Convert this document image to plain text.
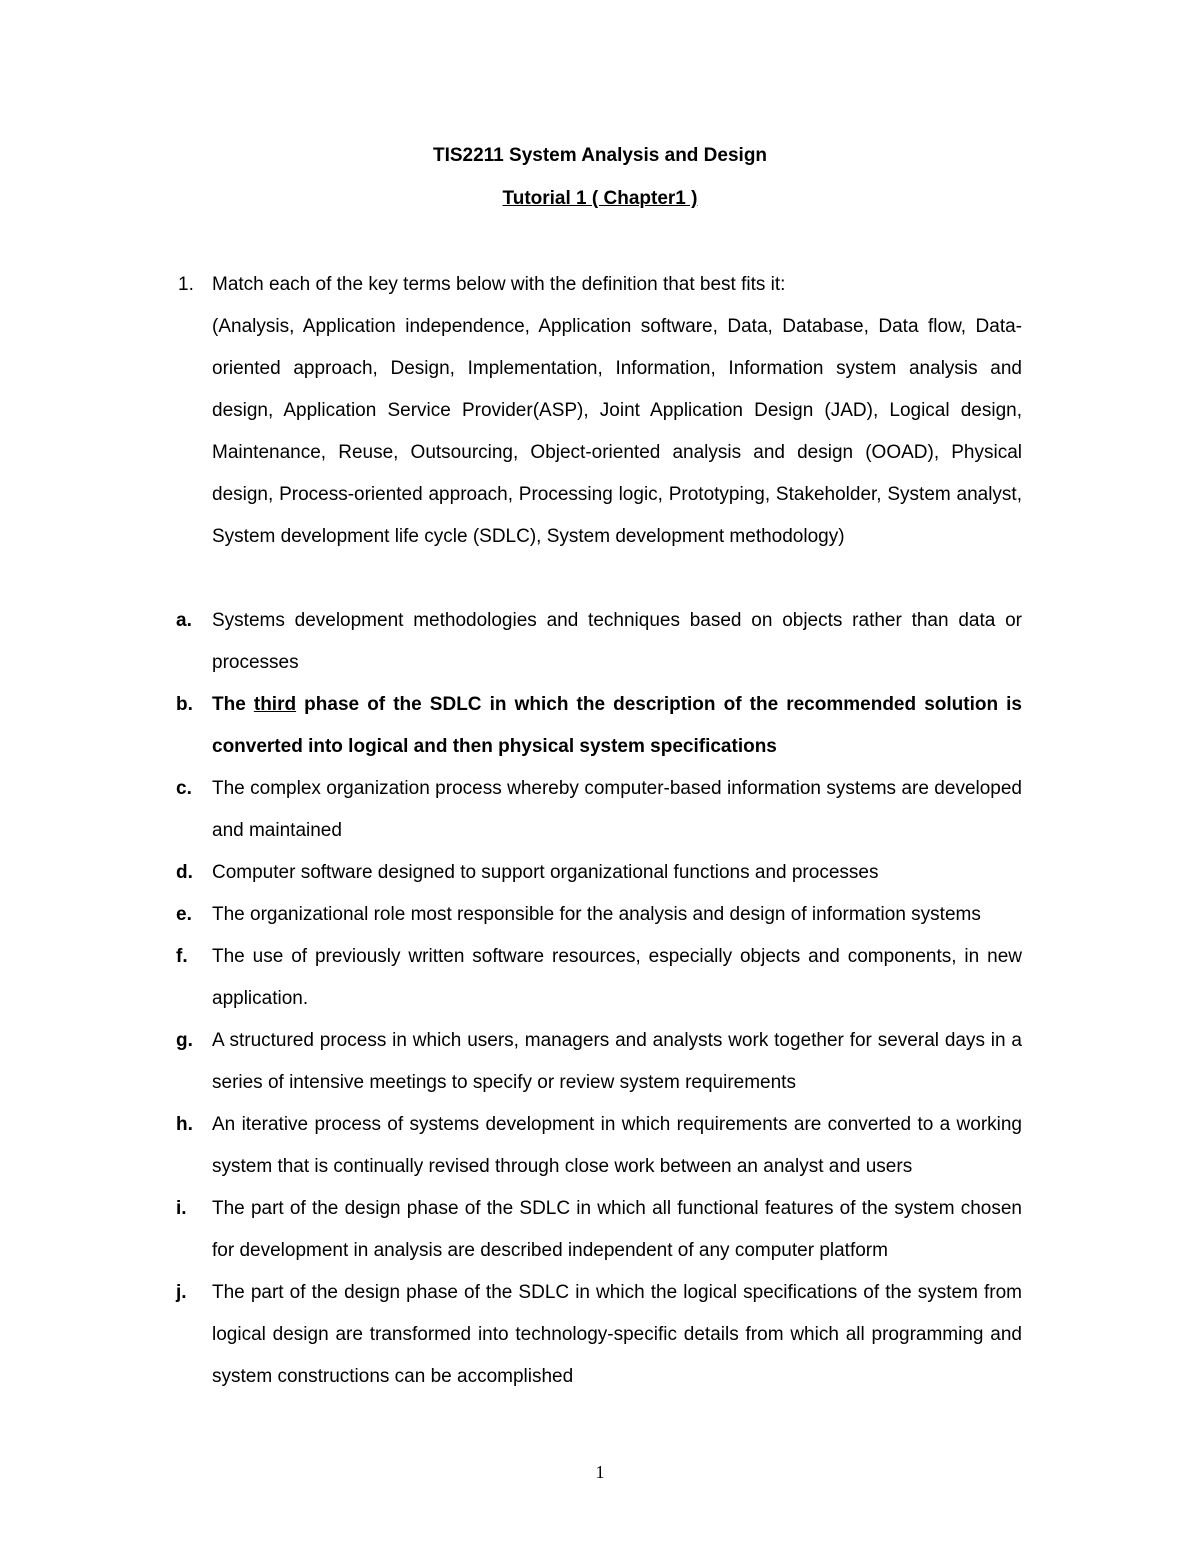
TIS2211 System Analysis and Design
Tutorial 1 ( Chapter1 )
1. Match each of the key terms below with the definition that best fits it:
(Analysis, Application independence, Application software, Data, Database, Data flow, Data-oriented approach, Design, Implementation, Information, Information system analysis and design, Application Service Provider(ASP), Joint Application Design (JAD), Logical design, Maintenance, Reuse, Outsourcing, Object-oriented analysis and design (OOAD), Physical design, Process-oriented approach, Processing logic, Prototyping, Stakeholder, System analyst, System development life cycle (SDLC), System development methodology)
a.	Systems development methodologies and techniques based on objects rather than data or processes
b.	The third phase of the SDLC in which the description of the recommended solution is converted into logical and then physical system specifications
c.	The complex organization process whereby computer-based information systems are developed and maintained
d.	Computer software designed to support organizational functions and processes
e.	The organizational role most responsible for the analysis and design of information systems
f.	The use of previously written software resources, especially objects and components, in new application.
g.	A structured process in which users, managers and analysts work together for several days in a series of intensive meetings to specify or review system requirements
h.	An iterative process of systems development in which requirements are converted to a working system that is continually revised through close work between an analyst and users
i.	The part of the design phase of the SDLC in which all functional features of the system chosen for development in analysis are described independent of any computer platform
j.	The part of the design phase of the SDLC in which the logical specifications of the system from logical design are transformed into technology-specific details from which all programming and system constructions can be accomplished
1
